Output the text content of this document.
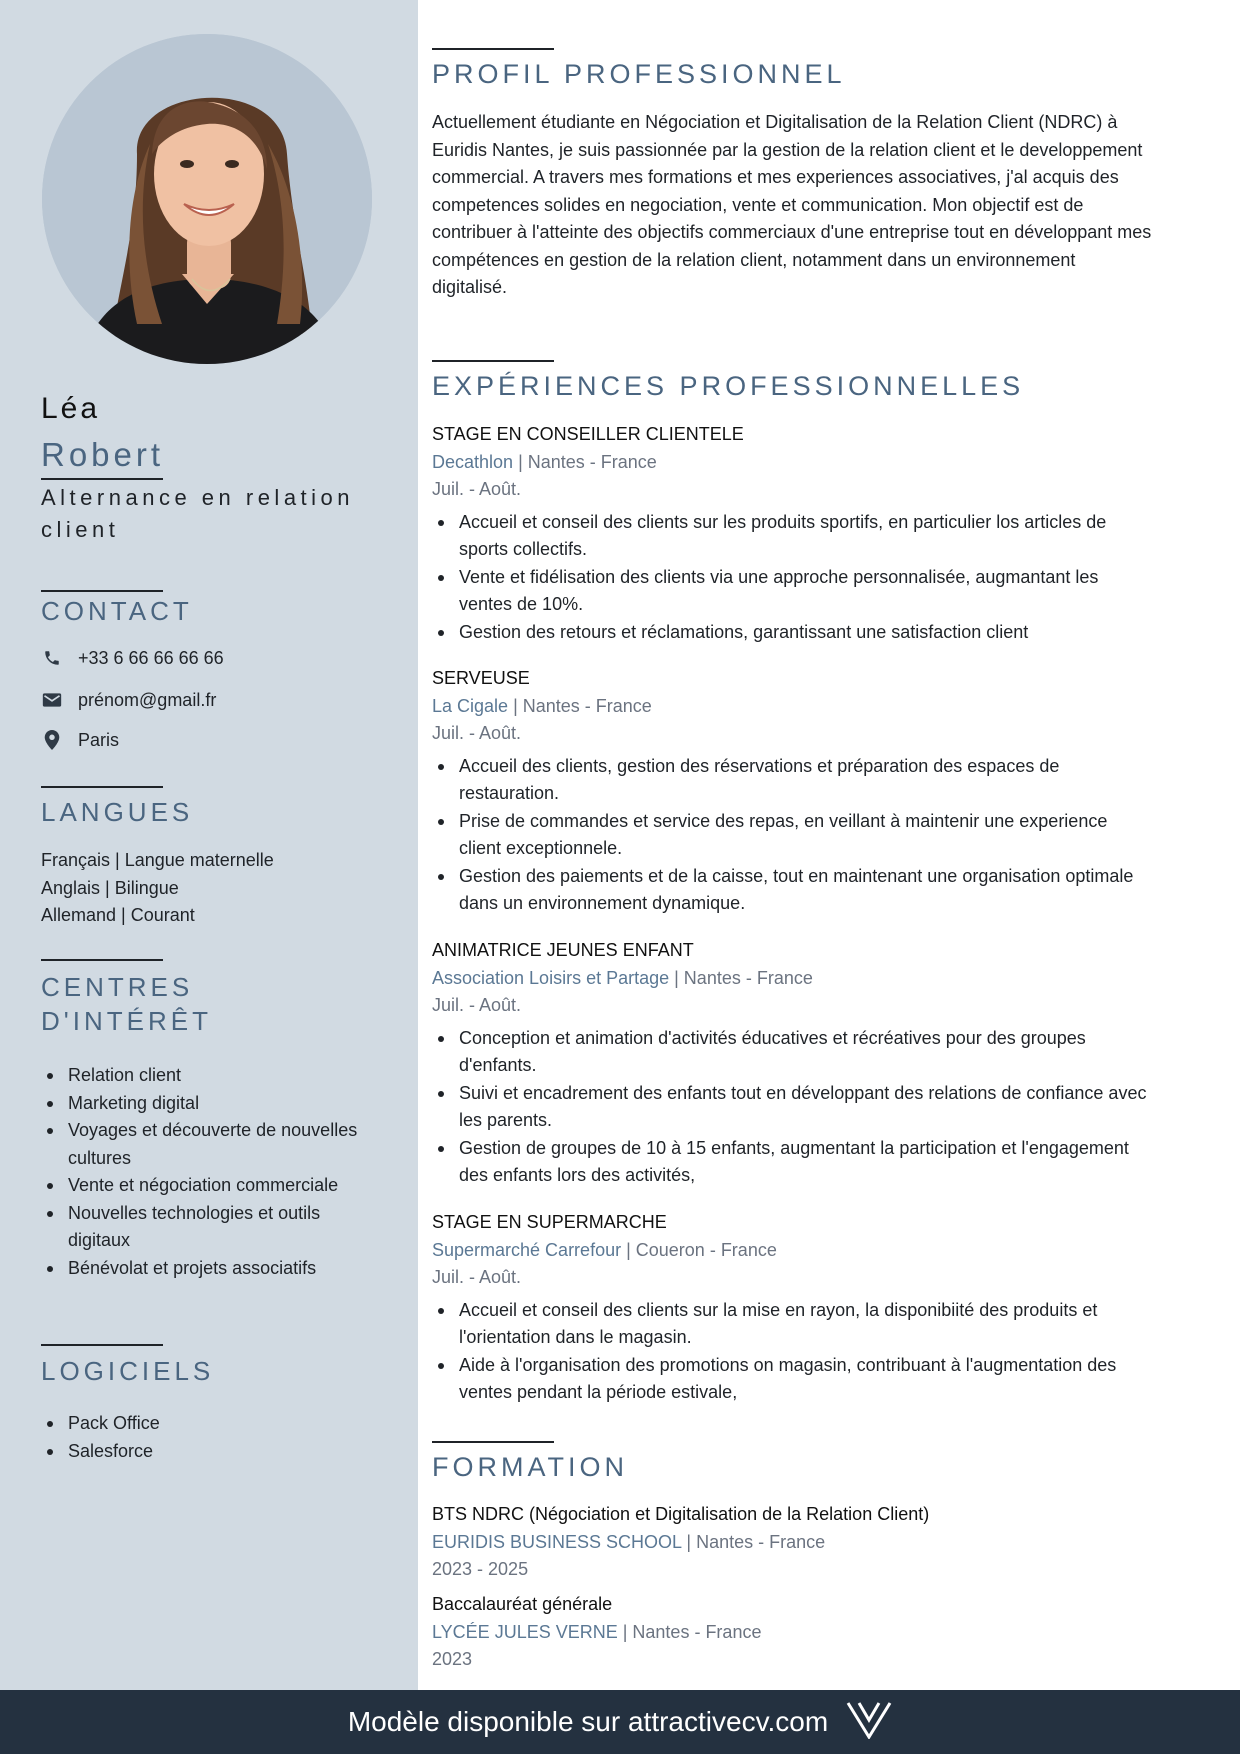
Léa
Robert
Alternance en relation client
CONTACT
+33 6 66 66 66 66
prénom@gmail.fr
Paris
LANGUES
Français | Langue maternelle
Anglais | Bilingue
Allemand | Courant
CENTRES
D'INTÉRÊT
Relation client
Marketing digital
Voyages et découverte de nouvelles cultures
Vente et négociation commerciale
Nouvelles technologies et outils digitaux
Bénévolat et projets associatifs
LOGICIELS
Pack Office
Salesforce
PROFIL PROFESSIONNEL
Actuellement étudiante en Négociation et Digitalisation de la Relation Client (NDRC) à Euridis Nantes, je suis passionnée par la gestion de la relation client et le developpement commercial. A travers mes formations et mes experiences associatives, j'al acquis des competences solides en negociation, vente et communication. Mon objectif est de contribuer à l'atteinte des objectifs commerciaux d'une entreprise tout en développant mes compétences en gestion de la relation client, notamment dans un environnement digitalisé.
EXPÉRIENCES PROFESSIONNELLES
STAGE EN CONSEILLER CLIENTELE
Decathlon | Nantes - France
Juil. - Août.
Accueil et conseil des clients sur les produits sportifs, en particulier los articles de sports collectifs.
Vente et fidélisation des clients via une approche personnalisée, augmantant les ventes de 10%.
Gestion des retours et réclamations, garantissant une satisfaction client
SERVEUSE
La Cigale | Nantes - France
Juil. - Août.
Accueil des clients, gestion des réservations et préparation des espaces de restauration.
Prise de commandes et service des repas, en veillant à maintenir une experience client exceptionnele.
Gestion des paiements et de la caisse, tout en maintenant une organisation optimale dans un environnement dynamique.
ANIMATRICE JEUNES ENFANT
Association Loisirs et Partage | Nantes - France
Juil. - Août.
Conception et animation d'activités éducatives et récréatives pour des groupes d'enfants.
Suivi et encadrement des enfants tout en développant des relations de confiance avec les parents.
Gestion de groupes de 10 à 15 enfants, augmentant la participation et l'engagement des enfants lors des activités,
STAGE EN SUPERMARCHE
Supermarché Carrefour | Coueron - France
Juil. - Août.
Accueil et conseil des clients sur la mise en rayon, la disponibiité des produits et l'orientation dans le magasin.
Aide à l'organisation des promotions on magasin, contribuant à l'augmentation des ventes pendant la période estivale,
FORMATION
BTS NDRC (Négociation et Digitalisation de la Relation Client)
EURIDIS BUSINESS SCHOOL | Nantes - France
2023 - 2025
Baccalauréat générale
LYCÉE JULES VERNE | Nantes - France
2023
Modèle disponible sur attractivecv.com
